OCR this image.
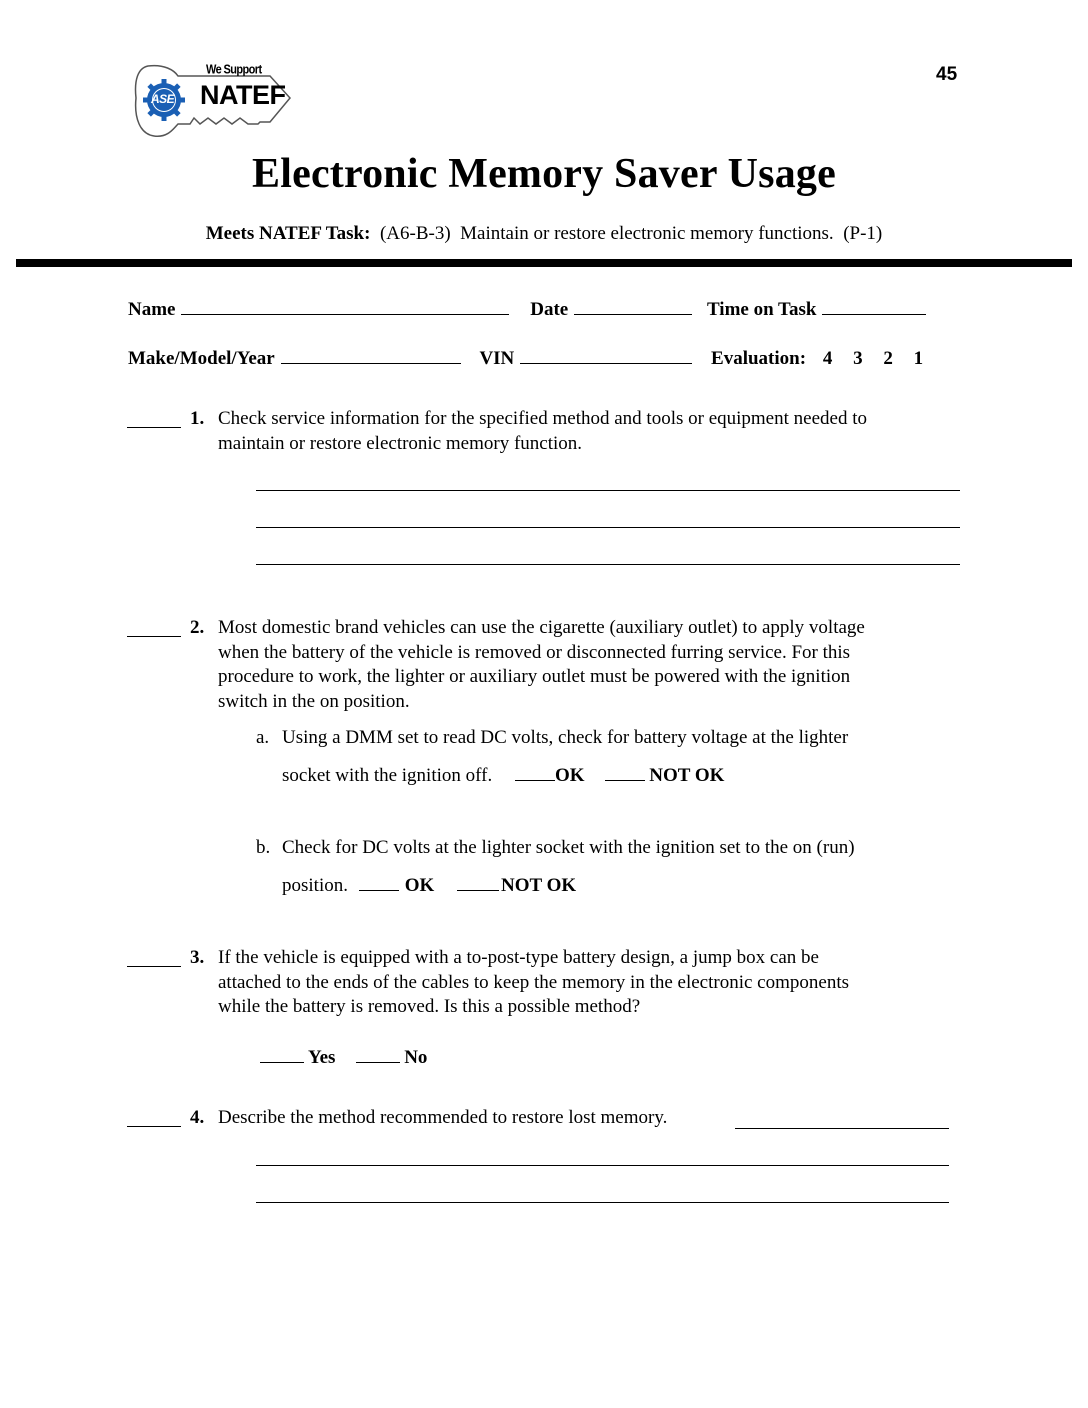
ASE
We Support
NATEF
45
Electronic Memory Saver Usage
Meets NATEF Task: (A6-B-3) Maintain or restore electronic memory functions. (P-1)
Name	Date	Time on Task
Make/Model/Year	VIN	Evaluation: 4 3 2 1
1. Check service information for the specified method and tools or equipment needed to
maintain or restore electronic memory function.
2. Most domestic brand vehicles can use the cigarette (auxiliary outlet) to apply voltage
when the battery of the vehicle is removed or disconnected furring service. For this
procedure to work, the lighter or auxiliary outlet must be powered with the ignition
switch in the on position.
a. Using a DMM set to read DC volts, check for battery voltage at the lighter
socket with the ignition off.	OK	NOT OK
b. Check for DC volts at the lighter socket with the ignition set to the on (run)
position.	OK	NOT OK
3. If the vehicle is equipped with a to-post-type battery design, a jump box can be
attached to the ends of the cables to keep the memory in the electronic components
while the battery is removed. Is this a possible method?
Yes	No
4. Describe the method recommended to restore lost memory.
